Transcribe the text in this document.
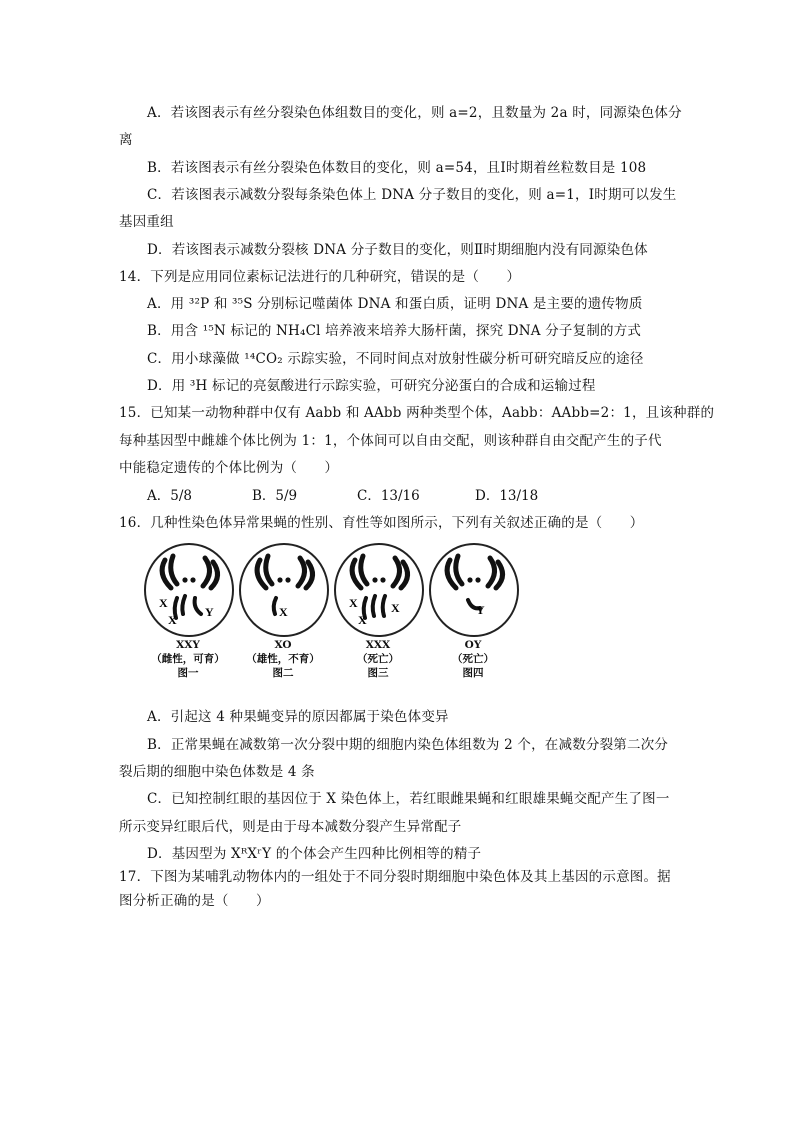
A．若该图表示有丝分裂染色体组数目的变化，则 a=2，且数量为 2a 时，同源染色体分
离
B．若该图表示有丝分裂染色体数目的变化，则 a=54，且Ⅰ时期着丝粒数目是 108
C．若该图表示减数分裂每条染色体上 DNA 分子数目的变化，则 a=1，Ⅰ时期可以发生
基因重组
D．若该图表示减数分裂核 DNA 分子数目的变化，则Ⅱ时期细胞内没有同源染色体
14．下列是应用同位素标记法进行的几种研究，错误的是（　　）
A．用 ³²P 和 ³⁵S 分别标记噬菌体 DNA 和蛋白质，证明 DNA 是主要的遗传物质
B．用含 ¹⁵N 标记的 NH₄Cl 培养液来培养大肠杆菌，探究 DNA 分子复制的方式
C．用小球藻做 ¹⁴CO₂ 示踪实验，不同时间点对放射性碳分析可研究暗反应的途径
D．用 ³H 标记的亮氨酸进行示踪实验，可研究分泌蛋白的合成和运输过程
15．已知某一动物种群中仅有 Aabb 和 AAbb 两种类型个体，Aabb：AAbb=2：1，且该种群的
每种基因型中雌雄个体比例为 1：1，个体间可以自由交配，则该种群自由交配产生的子代
中能稳定遗传的个体比例为（　　）
A．5/8	B．5/9	C．13/16	D．13/18
16．几种性染色体异常果蝇的性别、育性等如图所示，下列有关叙述正确的是（　　）
X
X
Y	X
X
X
X	Y
XXY
（雌性，可育）
图一
XO
（雄性，不育）
图二
XXX
（死亡）
图三
OY
（死亡）
图四
A．引起这 4 种果蝇变异的原因都属于染色体变异
B．正常果蝇在减数第一次分裂中期的细胞内染色体组数为 2 个，在减数分裂第二次分
裂后期的细胞中染色体数是 4 条
C．已知控制红眼的基因位于 X 染色体上，若红眼雌果蝇和红眼雄果蝇交配产生了图一
所示变异红眼后代，则是由于母本减数分裂产生异常配子
D．基因型为 XᴿXʳY 的个体会产生四种比例相等的精子
17．下图为某哺乳动物体内的一组处于不同分裂时期细胞中染色体及其上基因的示意图。据
图分析正确的是（　　）
